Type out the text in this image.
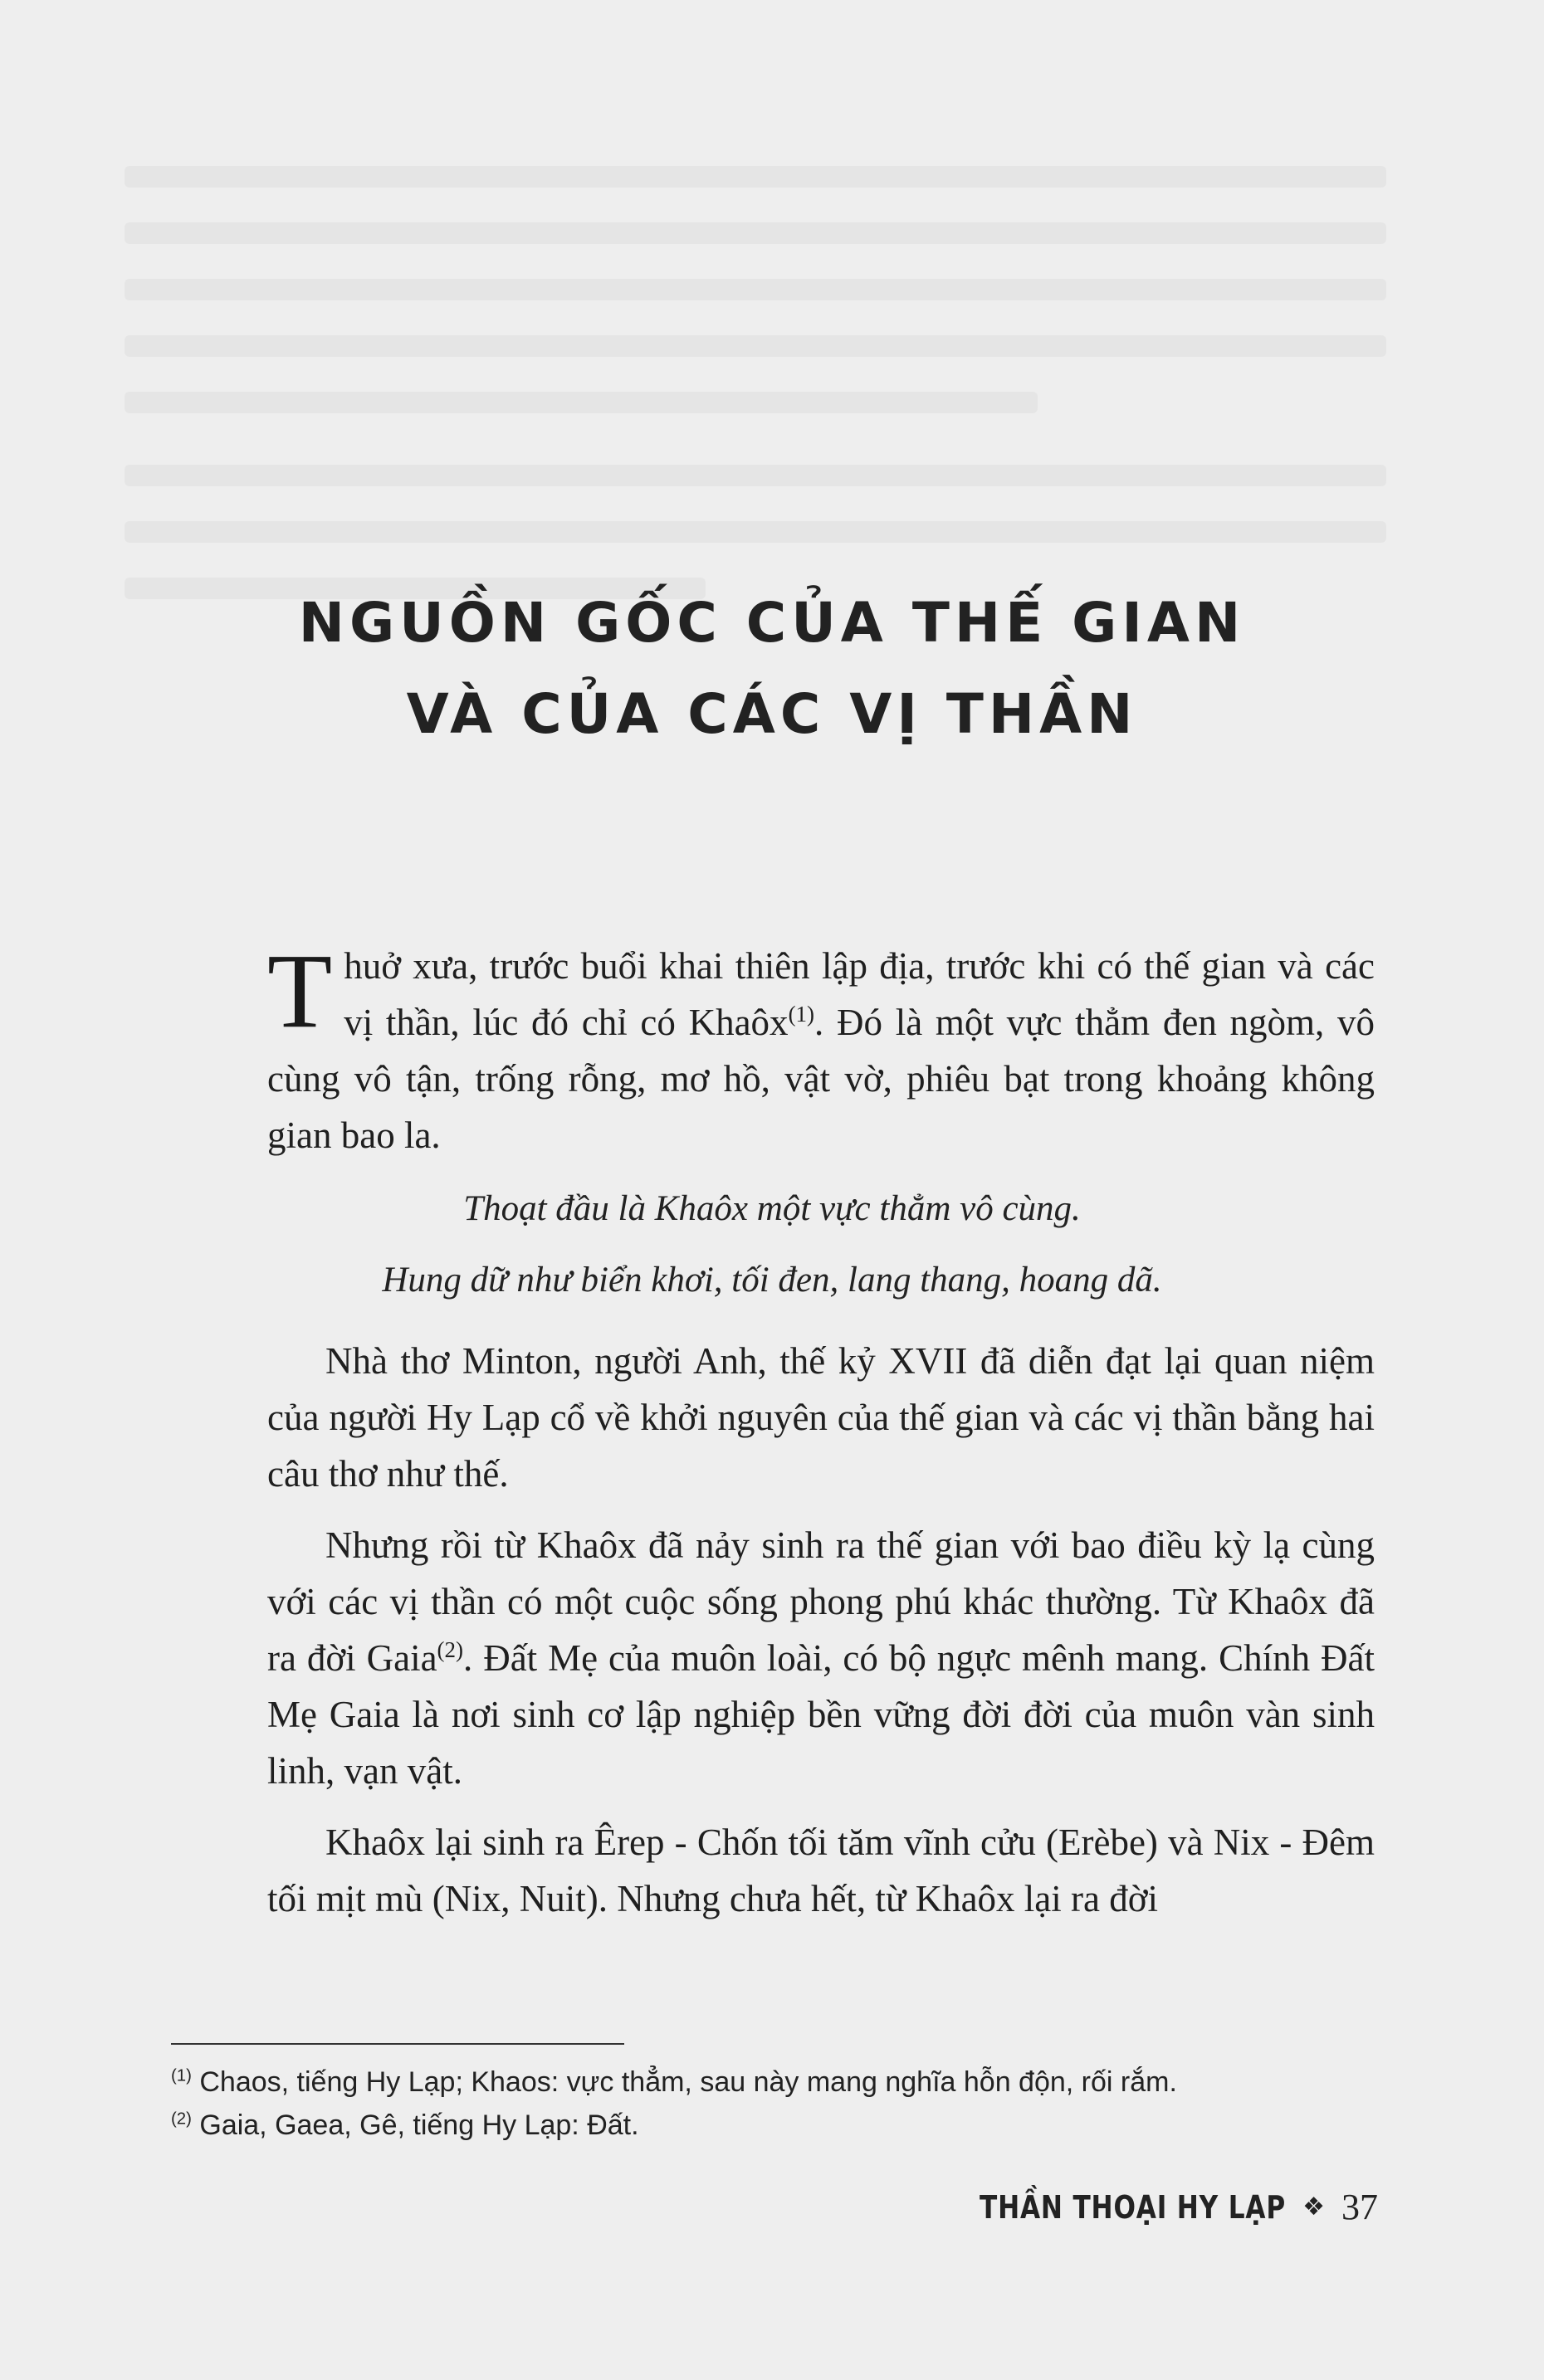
NGUỒN GỐC CỦA THẾ GIAN
VÀ CỦA CÁC VỊ THẦN

Thuở xưa, trước buổi khai thiên lập địa, trước khi có thế gian và các vị thần, lúc đó chỉ có Khaôx$^{(1)}$. Đó là một vực thẳm đen ngòm, vô cùng vô tận, trống rỗng, mơ hồ, vật vờ, phiêu bạt trong khoảng không gian bao la.

Thoạt đầu là Khaôx một vực thẳm vô cùng.
Hung dữ như biển khơi, tối đen, lang thang, hoang dã.

Nhà thơ Minton, người Anh, thế kỷ XVII đã diễn đạt lại quan niệm của người Hy Lạp cổ về khởi nguyên của thế gian và các vị thần bằng hai câu thơ như thế.

Nhưng rồi từ Khaôx đã nảy sinh ra thế gian với bao điều kỳ lạ cùng với các vị thần có một cuộc sống phong phú khác thường. Từ Khaôx đã ra đời Gaia$^{(2)}$. Đất Mẹ của muôn loài, có bộ ngực mênh mang. Chính Đất Mẹ Gaia là nơi sinh cơ lập nghiệp bền vững đời đời của muôn vàn sinh linh, vạn vật.

Khaôx lại sinh ra Êrep - Chốn tối tăm vĩnh cửu (Erèbe) và Nix - Đêm tối mịt mù (Nix, Nuit). Nhưng chưa hết, từ Khaôx lại ra đời

$^{(1)}$ Chaos, tiếng Hy Lạp; Khaos: vực thẳm, sau này mang nghĩa hỗn độn, rối rắm.
$^{(2)}$ Gaia, Gaea, Gê, tiếng Hy Lạp: Đất.
THẦN THOẠI HY LẠP ❖ 37
